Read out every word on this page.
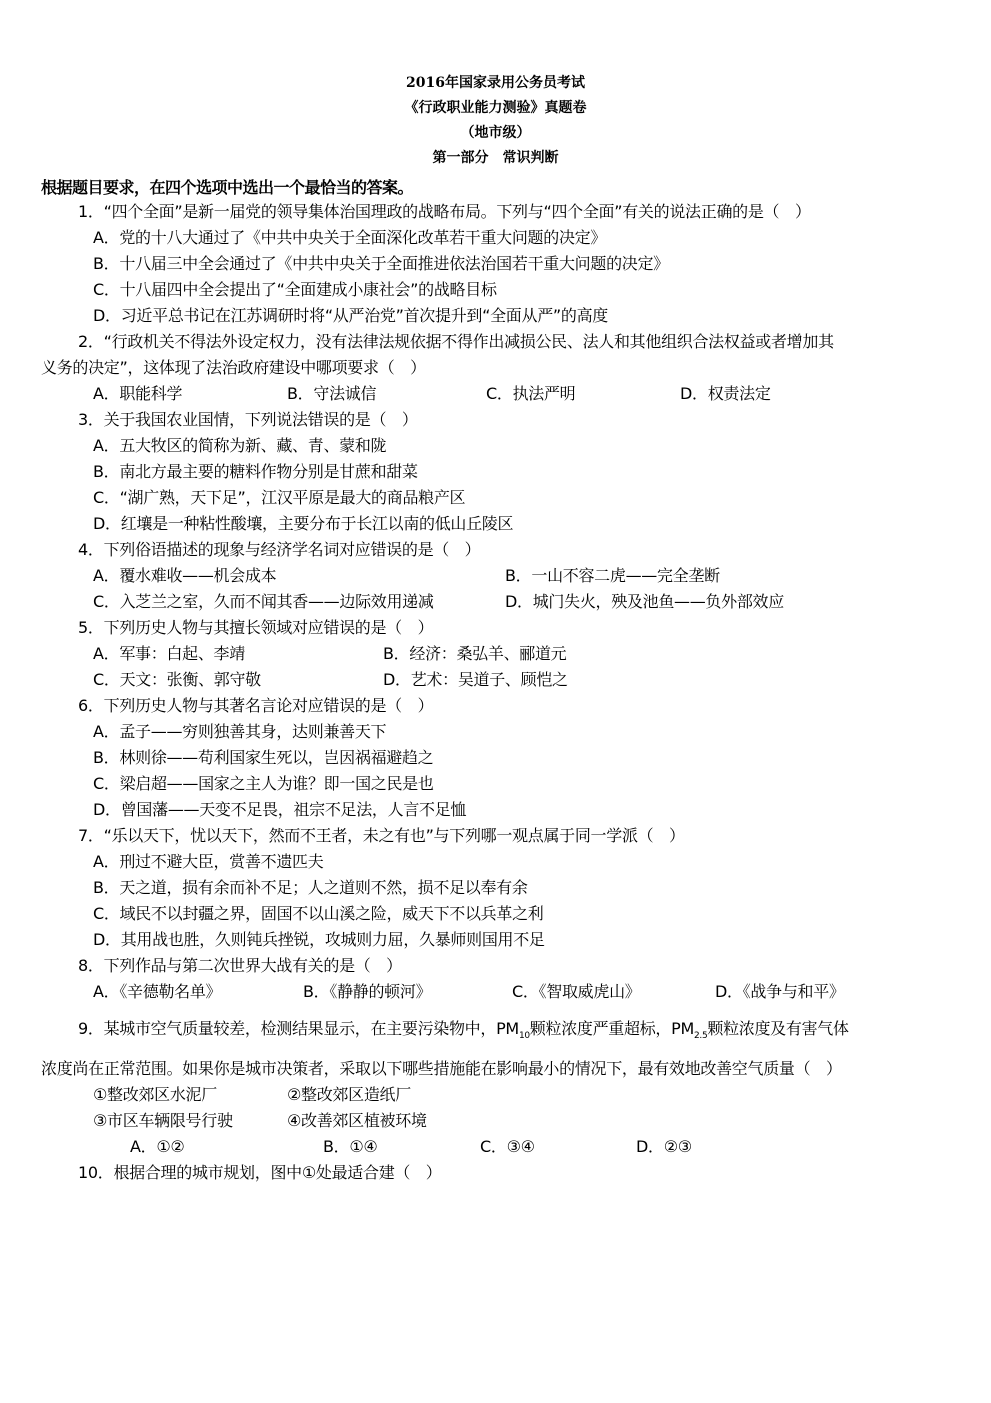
2016年国家录用公务员考试
《行政职业能力测验》真题卷
（地市级）
第一部分　常识判断
根据题目要求，在四个选项中选出一个最恰当的答案。
1．“四个全面”是新一届党的领导集体治国理政的战略布局。下列与“四个全面”有关的说法正确的是（　）
A．党的十八大通过了《中共中央关于全面深化改革若干重大问题的决定》
B．十八届三中全会通过了《中共中央关于全面推进依法治国若干重大问题的决定》
C．十八届四中全会提出了“全面建成小康社会”的战略目标
D．习近平总书记在江苏调研时将“从严治党”首次提升到“全面从严”的高度
2．“行政机关不得法外设定权力，没有法律法规依据不得作出减损公民、法人和其他组织合法权益或者增加其
义务的决定”，这体现了法治政府建设中哪项要求（　）
A．职能科学	B．守法诚信	C．执法严明	D．权责法定
3．关于我国农业国情，下列说法错误的是（　）
A．五大牧区的简称为新、藏、青、蒙和陇
B．南北方最主要的糖料作物分别是甘蔗和甜菜
C．“湖广熟，天下足”，江汉平原是最大的商品粮产区
D．红壤是一种粘性酸壤，主要分布于长江以南的低山丘陵区
4．下列俗语描述的现象与经济学名词对应错误的是（　）
A．覆水难收——机会成本	B．一山不容二虎——完全垄断
C．入芝兰之室，久而不闻其香——边际效用递减	D．城门失火，殃及池鱼——负外部效应
5．下列历史人物与其擅长领域对应错误的是（　）
A．军事：白起、李靖	B．经济：桑弘羊、郦道元
C．天文：张衡、郭守敬	D．艺术：吴道子、顾恺之
6．下列历史人物与其著名言论对应错误的是（　）
A．孟子——穷则独善其身，达则兼善天下
B．林则徐——苟利国家生死以，岂因祸福避趋之
C．梁启超——国家之主人为谁？即一国之民是也
D．曾国藩——天变不足畏，祖宗不足法，人言不足恤
7．“乐以天下，忧以天下，然而不王者，未之有也”与下列哪一观点属于同一学派（　）
A．刑过不避大臣，赏善不遗匹夫
B．天之道，损有余而补不足；人之道则不然，损不足以奉有余
C．域民不以封疆之界，固国不以山溪之险，威天下不以兵革之利
D．其用战也胜，久则钝兵挫锐，攻城则力屈，久暴师则国用不足
8．下列作品与第二次世界大战有关的是（　）
A．《辛德勒名单》	B．《静静的顿河》	C．《智取威虎山》	D．《战争与和平》
9．某城市空气质量较差，检测结果显示，在主要污染物中，$PM_{10}$颗粒浓度严重超标，$PM_{2.5}$颗粒浓度及有害气体
浓度尚在正常范围。如果你是城市决策者，采取以下哪些措施能在影响最小的情况下，最有效地改善空气质量（　）
①整改郊区水泥厂	②整改郊区造纸厂
③市区车辆限号行驶	④改善郊区植被环境
A．①②	B．①④	C．③④	D．②③
10．根据合理的城市规划，图中①处最适合建（　）
